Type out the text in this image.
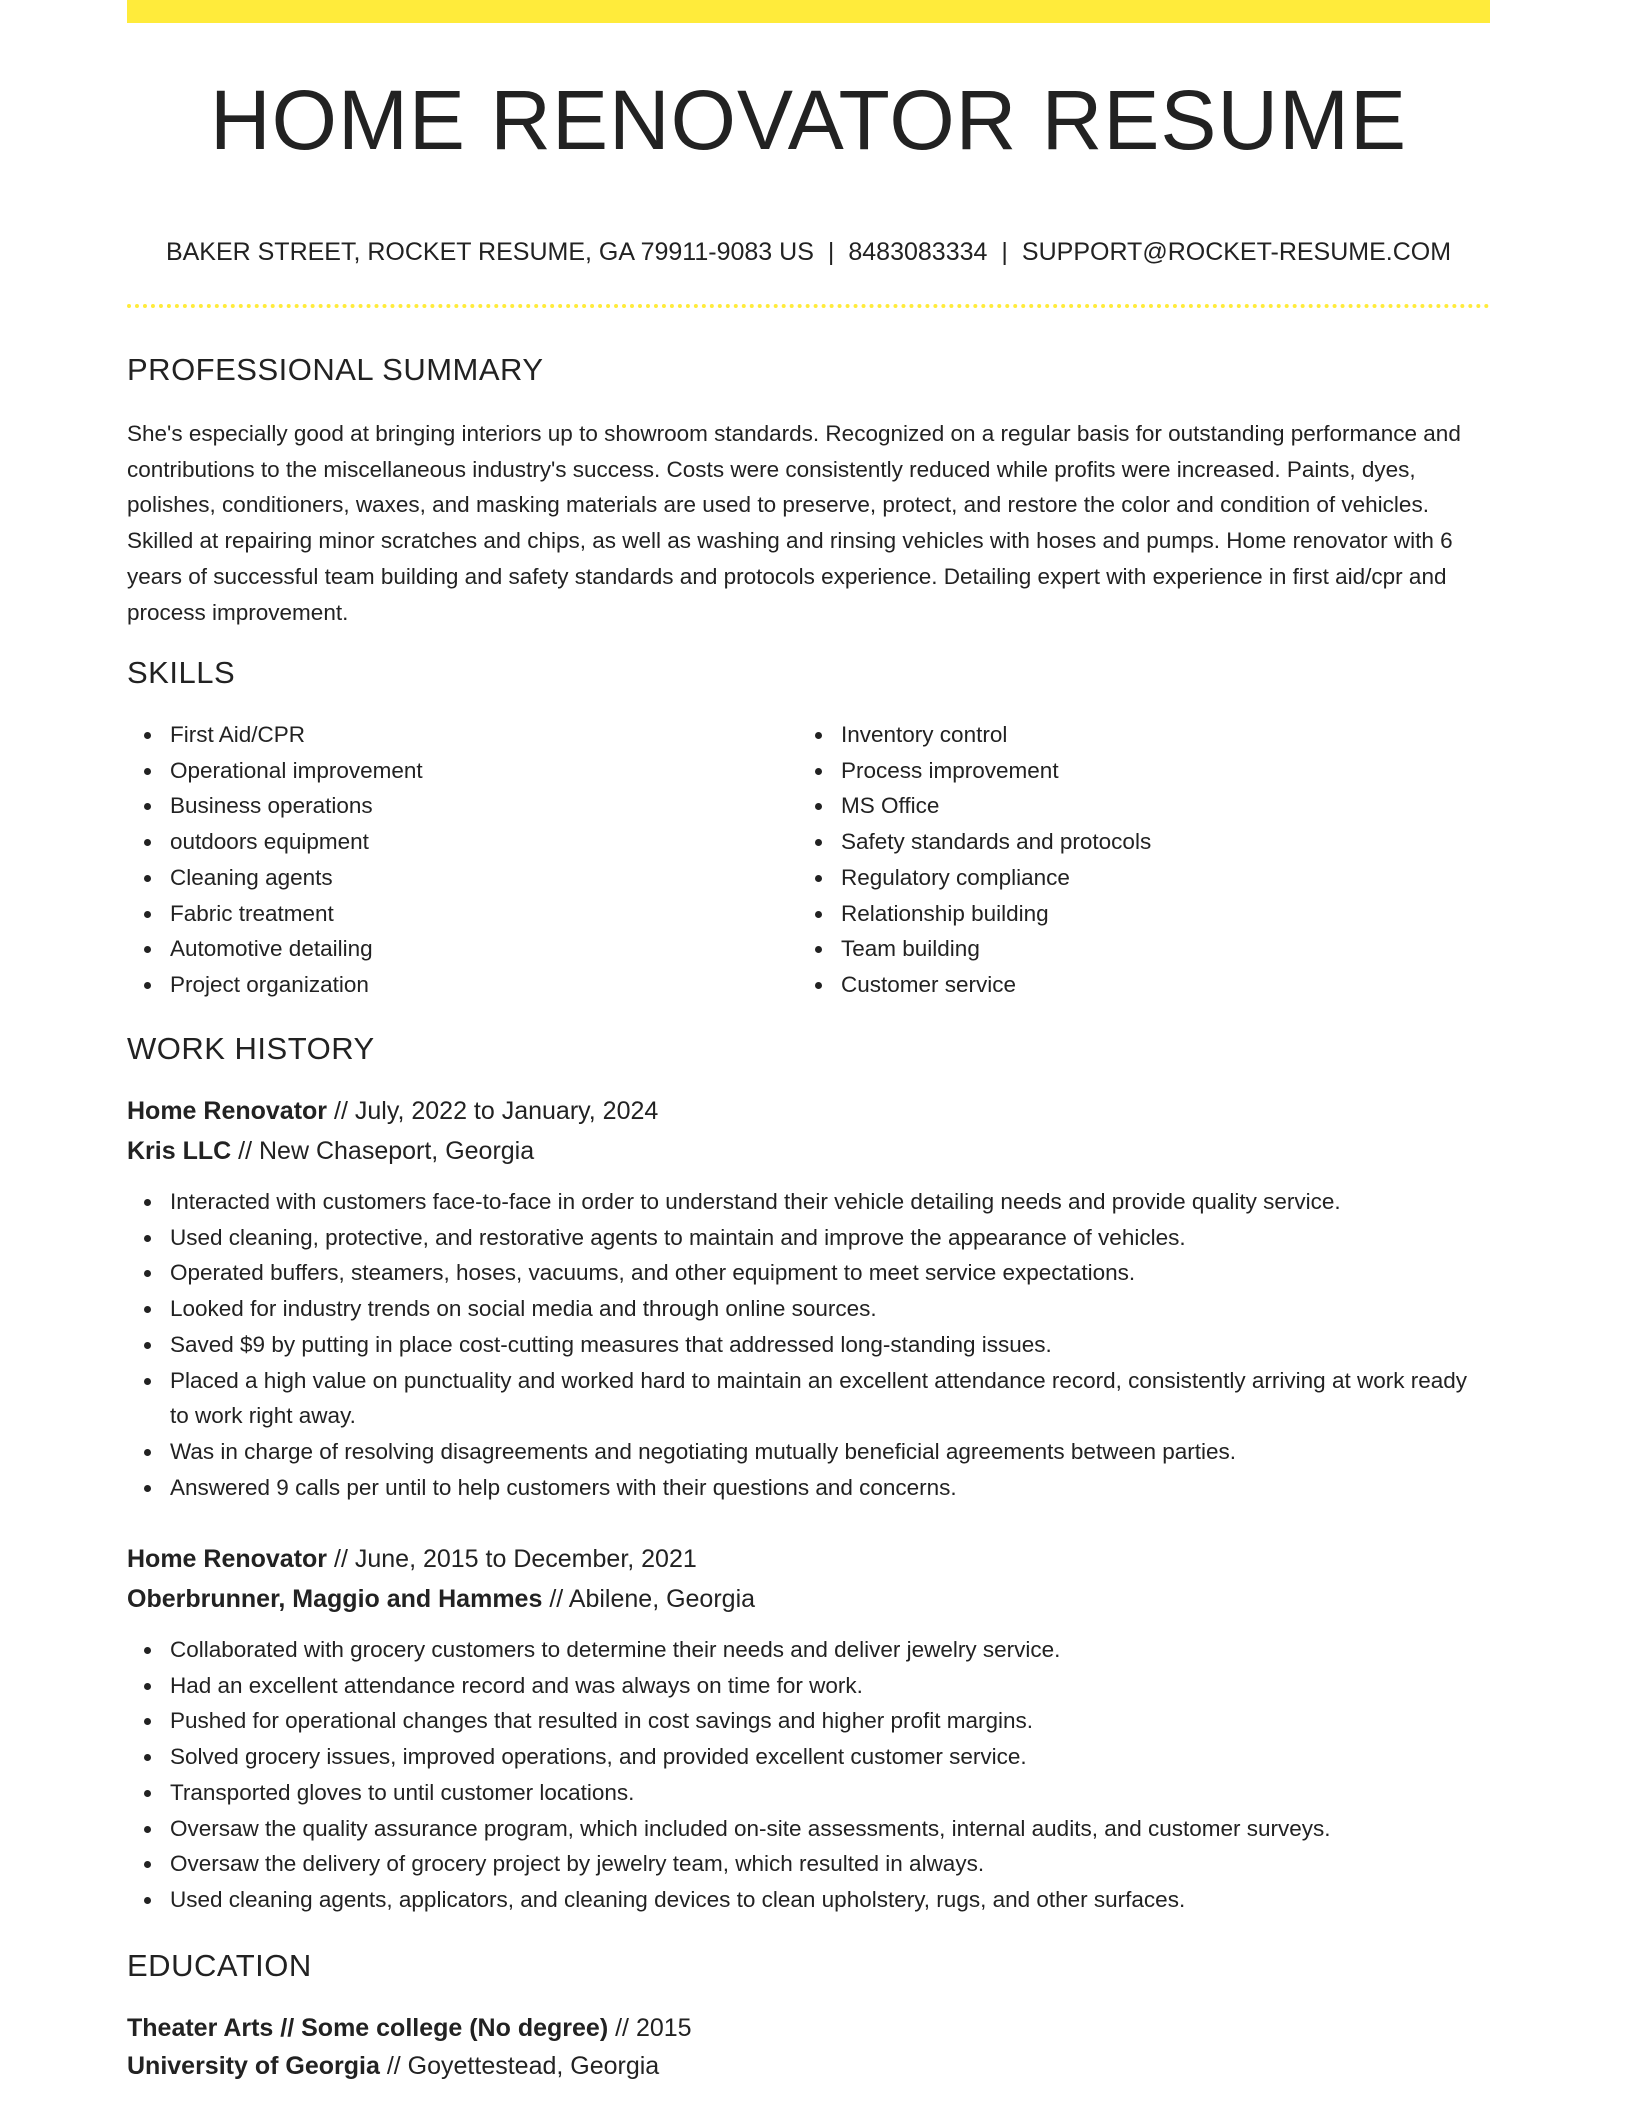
HOME RENOVATOR RESUME
BAKER STREET, ROCKET RESUME, GA 79911-9083 US | 8483083334 | SUPPORT@ROCKET-RESUME.COM
PROFESSIONAL SUMMARY
She's especially good at bringing interiors up to showroom standards. Recognized on a regular basis for outstanding performance and contributions to the miscellaneous industry's success. Costs were consistently reduced while profits were increased. Paints, dyes, polishes, conditioners, waxes, and masking materials are used to preserve, protect, and restore the color and condition of vehicles. Skilled at repairing minor scratches and chips, as well as washing and rinsing vehicles with hoses and pumps. Home renovator with 6 years of successful team building and safety standards and protocols experience. Detailing expert with experience in first aid/cpr and process improvement.
SKILLS
First Aid/CPR
Operational improvement
Business operations
outdoors equipment
Cleaning agents
Fabric treatment
Automotive detailing
Project organization
Inventory control
Process improvement
MS Office
Safety standards and protocols
Regulatory compliance
Relationship building
Team building
Customer service
WORK HISTORY
Home Renovator // July, 2022 to January, 2024
Kris LLC // New Chaseport, Georgia
Interacted with customers face-to-face in order to understand their vehicle detailing needs and provide quality service.
Used cleaning, protective, and restorative agents to maintain and improve the appearance of vehicles.
Operated buffers, steamers, hoses, vacuums, and other equipment to meet service expectations.
Looked for industry trends on social media and through online sources.
Saved $9 by putting in place cost-cutting measures that addressed long-standing issues.
Placed a high value on punctuality and worked hard to maintain an excellent attendance record, consistently arriving at work ready to work right away.
Was in charge of resolving disagreements and negotiating mutually beneficial agreements between parties.
Answered 9 calls per until to help customers with their questions and concerns.
Home Renovator // June, 2015 to December, 2021
Oberbrunner, Maggio and Hammes // Abilene, Georgia
Collaborated with grocery customers to determine their needs and deliver jewelry service.
Had an excellent attendance record and was always on time for work.
Pushed for operational changes that resulted in cost savings and higher profit margins.
Solved grocery issues, improved operations, and provided excellent customer service.
Transported gloves to until customer locations.
Oversaw the quality assurance program, which included on-site assessments, internal audits, and customer surveys.
Oversaw the delivery of grocery project by jewelry team, which resulted in always.
Used cleaning agents, applicators, and cleaning devices to clean upholstery, rugs, and other surfaces.
EDUCATION
Theater Arts // Some college (No degree) // 2015
University of Georgia // Goyettestead, Georgia
